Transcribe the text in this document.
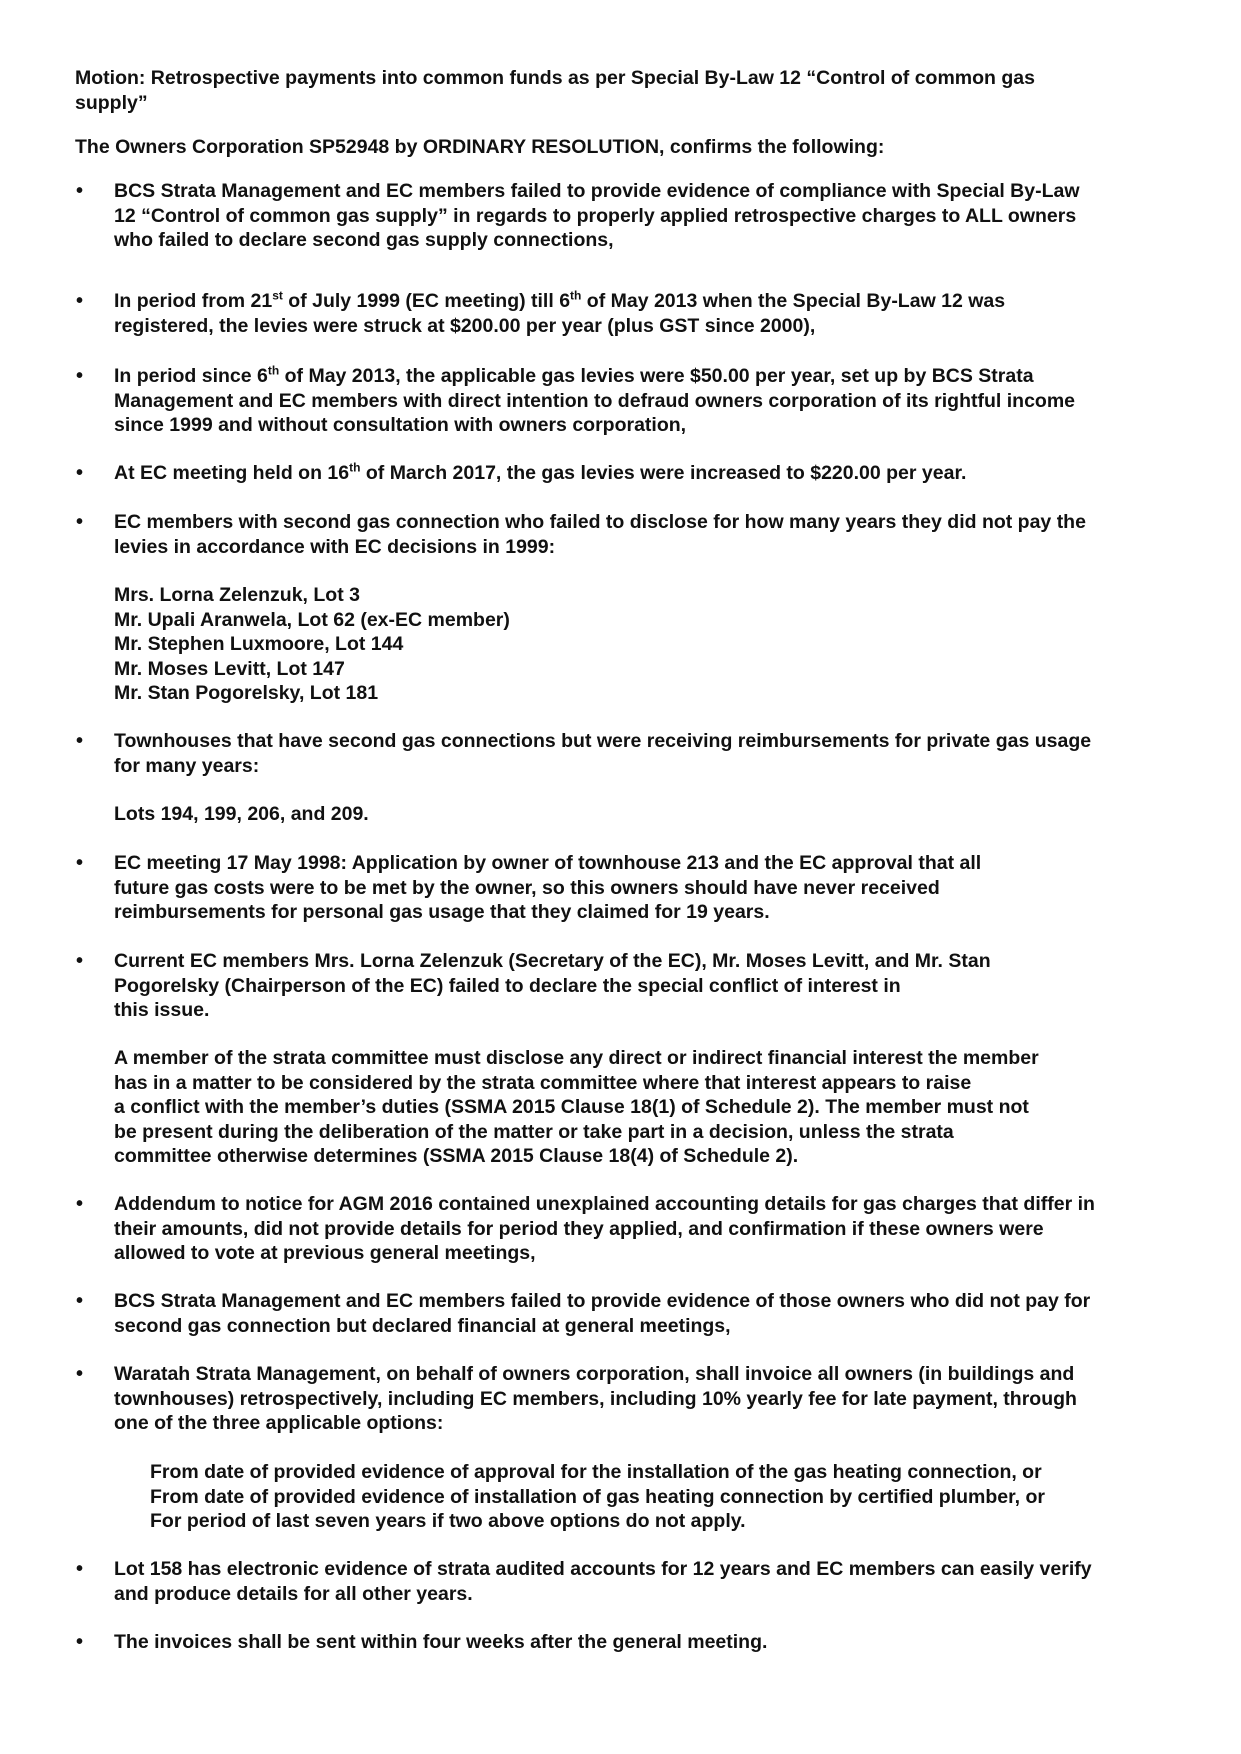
Motion: Retrospective payments into common funds as per Special By-Law 12 “Control of common gas
supply”
The Owners Corporation SP52948 by ORDINARY RESOLUTION, confirms the following:
• BCS Strata Management and EC members failed to provide evidence of compliance with Special By-Law
12 “Control of common gas supply” in regards to properly applied retrospective charges to ALL owners
who failed to declare second gas supply connections,
• In period from 21st of July 1999 (EC meeting) till 6th of May 2013 when the Special By-Law 12 was
registered, the levies were struck at $200.00 per year (plus GST since 2000),
• In period since 6th of May 2013, the applicable gas levies were $50.00 per year, set up by BCS Strata
Management and EC members with direct intention to defraud owners corporation of its rightful income
since 1999 and without consultation with owners corporation,
• At EC meeting held on 16th of March 2017, the gas levies were increased to $220.00 per year.
• EC members with second gas connection who failed to disclose for how many years they did not pay the
levies in accordance with EC decisions in 1999:
Mrs. Lorna Zelenzuk, Lot 3
Mr. Upali Aranwela, Lot 62 (ex-EC member)
Mr. Stephen Luxmoore, Lot 144
Mr. Moses Levitt, Lot 147
Mr. Stan Pogorelsky, Lot 181
• Townhouses that have second gas connections but were receiving reimbursements for private gas usage
for many years:
Lots 194, 199, 206, and 209.
• EC meeting 17 May 1998: Application by owner of townhouse 213 and the EC approval that all
future gas costs were to be met by the owner, so this owners should have never received
reimbursements for personal gas usage that they claimed for 19 years.
• Current EC members Mrs. Lorna Zelenzuk (Secretary of the EC), Mr. Moses Levitt, and Mr. Stan
Pogorelsky (Chairperson of the EC) failed to declare the special conflict of interest in
this issue.
A member of the strata committee must disclose any direct or indirect financial interest the member
has in a matter to be considered by the strata committee where that interest appears to raise
a conflict with the member’s duties (SSMA 2015 Clause 18(1) of Schedule 2). The member must not
be present during the deliberation of the matter or take part in a decision, unless the strata
committee otherwise determines (SSMA 2015 Clause 18(4) of Schedule 2).
• Addendum to notice for AGM 2016 contained unexplained accounting details for gas charges that differ in
their amounts, did not provide details for period they applied, and confirmation if these owners were
allowed to vote at previous general meetings,
• BCS Strata Management and EC members failed to provide evidence of those owners who did not pay for
second gas connection but declared financial at general meetings,
• Waratah Strata Management, on behalf of owners corporation, shall invoice all owners (in buildings and
townhouses) retrospectively, including EC members, including 10% yearly fee for late payment, through
one of the three applicable options:
From date of provided evidence of approval for the installation of the gas heating connection, or
From date of provided evidence of installation of gas heating connection by certified plumber, or
For period of last seven years if two above options do not apply.
• Lot 158 has electronic evidence of strata audited accounts for 12 years and EC members can easily verify
and produce details for all other years.
• The invoices shall be sent within four weeks after the general meeting.
